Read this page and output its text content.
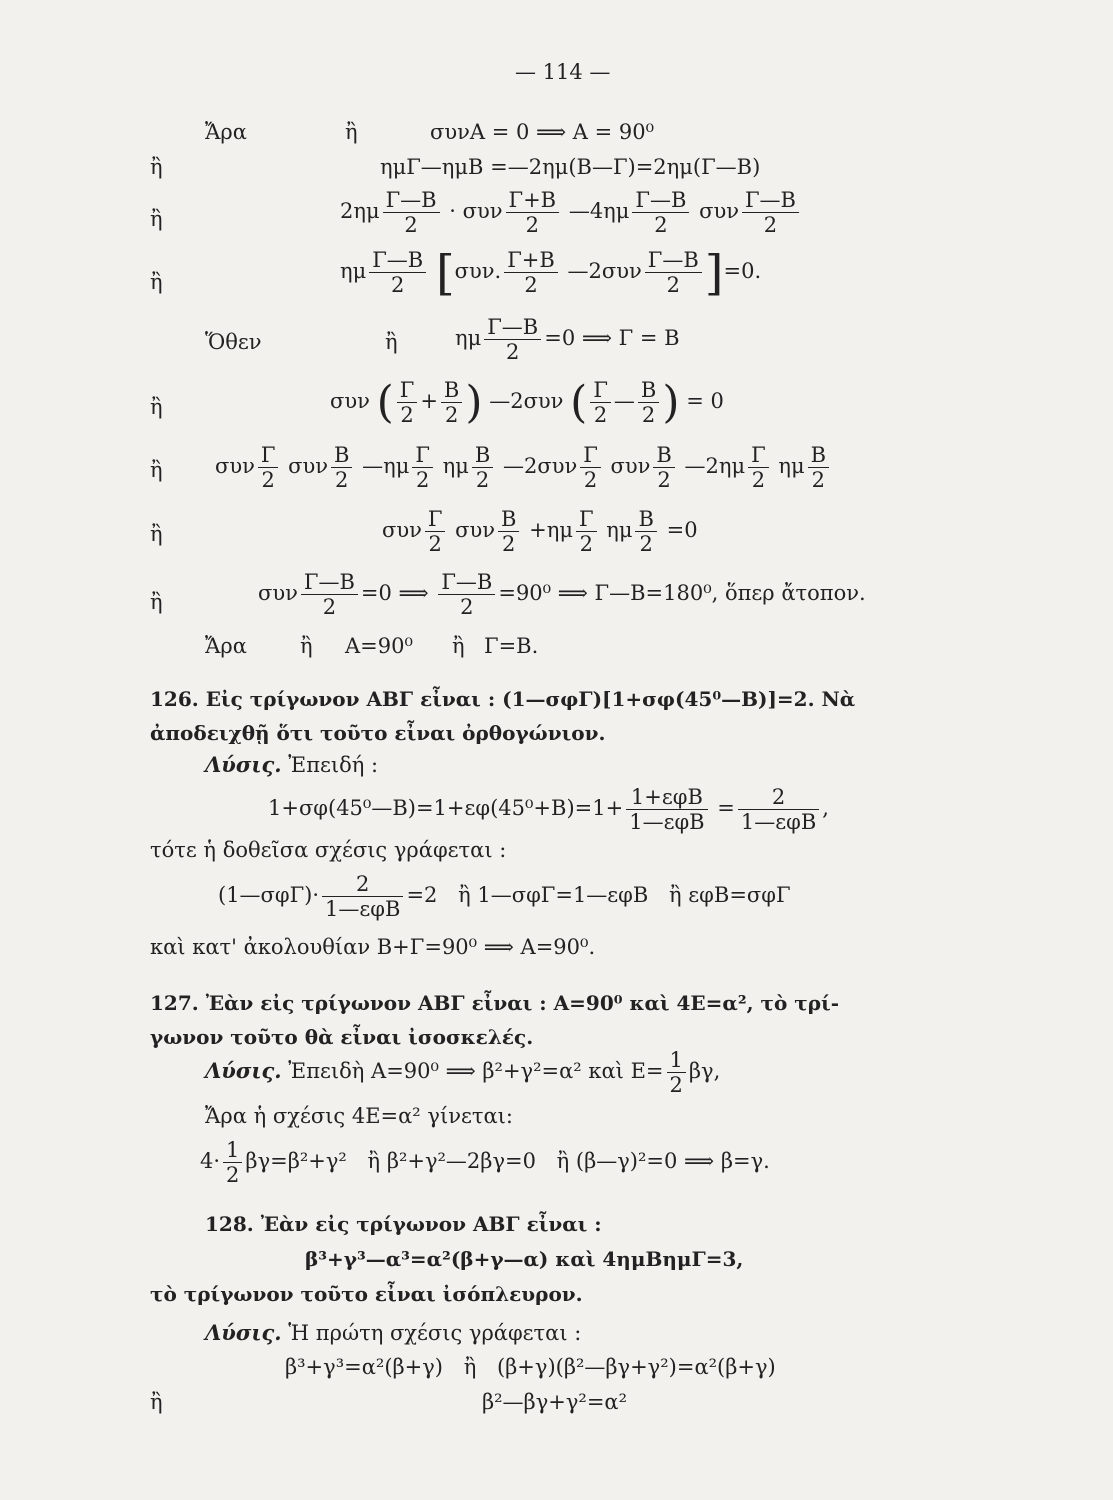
— 114 —
Ἄρα	ἢ	συνΑ = 0 ⟹ Α = 90⁰
ἢ	ημΓ—ημΒ =—2ημ(Β—Γ)=2ημ(Γ—Β)
ἢ	$2\eta\mu \frac{\Gamma—B}{2} \cdot \sigma\upsilon\nu \frac{\Gamma+B}{2}$ —4ημ $\frac{\Gamma—B}{2}$ συν $\frac{\Gamma—B}{2}$
ἢ	ημ $\frac{\Gamma—B}{2} [\sigma\upsilon\nu$. $\frac{\Gamma+B}{2}$ —2συν $\frac{\Gamma—B}{2} ]=0$.
Ὅθεν	ἢ	ημ $\frac{\Gamma—B}{2} =0$ ⟹ Γ = Β
ἢ	συν ( $\frac{\Gamma}{2} + \frac{B}{2}$ ) —2συν ( $\frac{\Gamma}{2}$ — $\frac{B}{2}$ ) = 0
ἢ συν $\frac{\Gamma}{2}$ συν $\frac{B}{2}$ —ημ $\frac{\Gamma}{2}$ ημ $\frac{B}{2}$ —2συν $\frac{\Gamma}{2}$ συν $\frac{B}{2}$ —2ημ $\frac{\Gamma}{2}$ ημ $\frac{B}{2}$
ἢ	συν $\frac{\Gamma}{2}$ συν $\frac{B}{2} +\eta\mu \frac{\Gamma}{2}$ ημ $\frac{B}{2} =0$
ἢ	συν $\frac{\Gamma—B}{2} =0$ ⟹ $\frac{\Gamma—B}{2} =90^0$ ⟹ Γ—Β=180⁰, ὅπερ ἄτοπον.
Ἄρα	ἢ Α=90⁰ ἢ Γ=Β.
126. Εἰς τρίγωνον ΑΒΓ εἶναι : (1—σφΓ)[1+σφ(45⁰—Β)]=2. Νὰ
ἀποδειχθῇ ὅτι τοῦτο εἶναι ὀρθογώνιον.
Λύσις. Ἐπειδή :
1+σφ(45⁰—Β)=1+εφ(45⁰+Β)=1+ $\frac{\text{1+εφΒ}}{\text{1—εφΒ}} = \frac{2}{\text{1—εφΒ}}$ ,
τότε ἡ δοθεῖσα σχέσις γράφεται :
(1—σφΓ)· $\frac{2}{\text{1—εφΒ}} =2$ ἢ 1—σφΓ=1—εφΒ ἢ εφΒ=σφΓ
καὶ κατ' ἀκολουθίαν Β+Γ=90⁰ ⟹ Α=90⁰.
127. Ἐὰν εἰς τρίγωνον ΑΒΓ εἶναι : Α=90⁰ καὶ 4Ε=α², τὸ τρί-
γωνον τοῦτο θὰ εἶναι ἰσοσκελές.
Λύσις. Ἐπειδὴ Α=90⁰ ⟹ β²+γ²=α² καὶ $E= \frac{1}{2} \beta\gamma$,
Ἄρα ἡ σχέσις 4Ε=α² γίνεται:
$4\cdot \frac{1}{2} \beta\gamma=\beta^2+\gamma^2$ ἢ β²+γ²—2βγ=0 ἢ (β—γ)²=0 ⟹ β=γ.
128. Ἐὰν εἰς τρίγωνον ΑΒΓ εἶναι :
β³+γ³—α³=α²(β+γ—α) καὶ 4ημΒημΓ=3,
τὸ τρίγωνον τοῦτο εἶναι ἰσόπλευρον.
Λύσις. Ἡ πρώτη σχέσις γράφεται :
β³+γ³=α²(β+γ) ἢ (β+γ)(β²—βγ+γ²)=α²(β+γ)
ἢ	β²—βγ+γ²=α²
